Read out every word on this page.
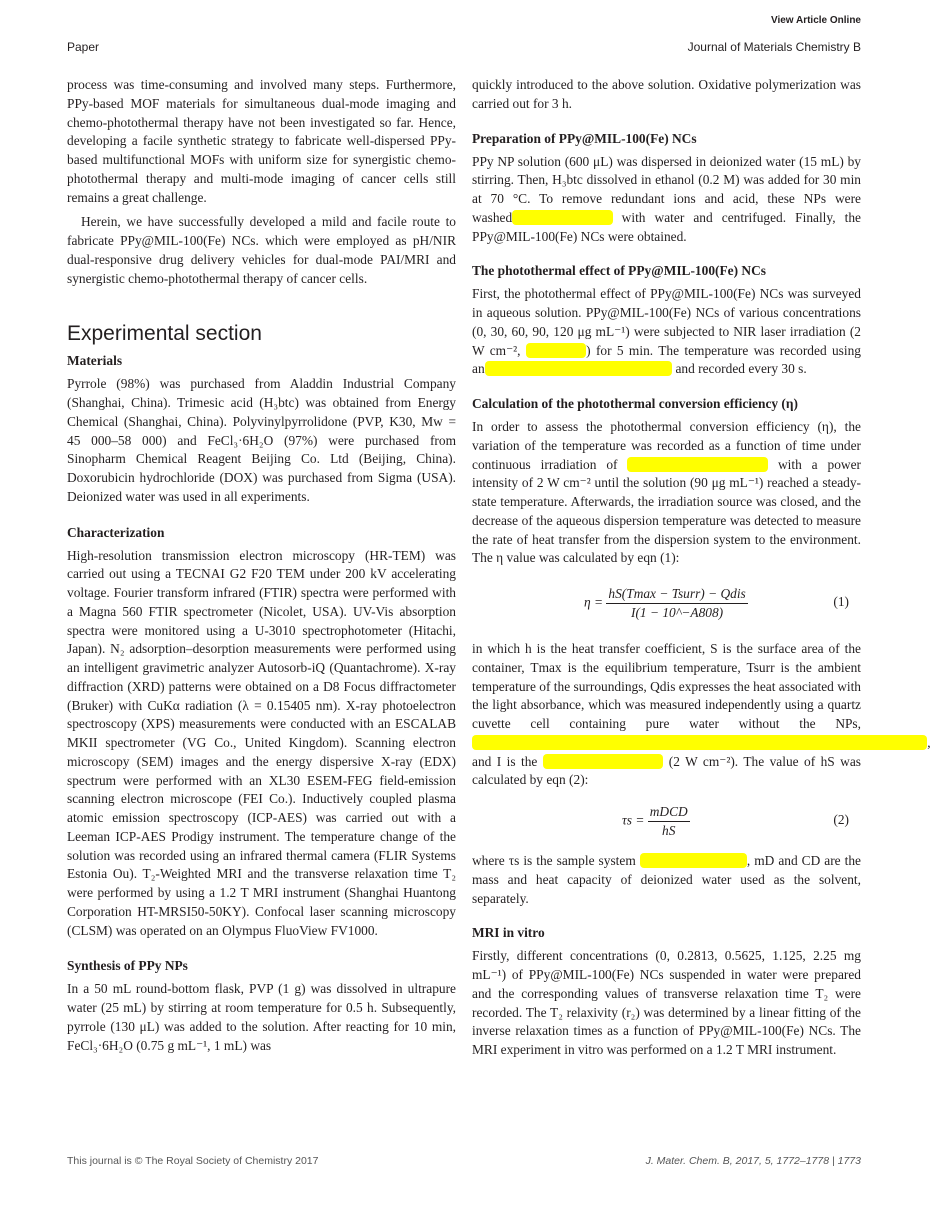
View Article Online
Paper	Journal of Materials Chemistry B

process was time-consuming and involved many steps. Furthermore, PPy-based MOF materials for simultaneous dual-mode imaging and chemo-photothermal therapy have not been investigated so far. Hence, developing a facile synthetic strategy to fabricate well-dispersed PPy-based multifunctional MOFs with uniform size for synergistic chemo-photothermal therapy and multi-mode imaging of cancer cells still remains a great challenge.

Herein, we have successfully developed a mild and facile route to fabricate PPy@MIL-100(Fe) NCs. which were employed as pH/NIR dual-responsive drug delivery vehicles for dual-mode PAI/MRI and synergistic chemo-photothermal therapy of cancer cells.

Experimental section
Materials

Pyrrole (98%) was purchased from Aladdin Industrial Company (Shanghai, China). Trimesic acid (H₃btc) was obtained from Energy Chemical (Shanghai, China). Polyvinylpyrrolidone (PVP, K30, Mw = 45 000–58 000) and FeCl₃·6H₂O (97%) were purchased from Sinopharm Chemical Reagent Beijing Co. Ltd (Beijing, China). Doxorubicin hydrochloride (DOX) was purchased from Sigma (USA). Deionized water was used in all experiments.

Characterization

High-resolution transmission electron microscopy (HR-TEM) was carried out using a TECNAI G2 F20 TEM under 200 kV accelerating voltage. Fourier transform infrared (FTIR) spectra were performed with a Magna 560 FTIR spectrometer (Nicolet, USA). UV-Vis absorption spectra were monitored using a U-3010 spectrophotometer (Hitachi, Japan). N₂ adsorption–desorption measurements were performed using an intelligent gravimetric analyzer Autosorb-iQ (Quantachrome). X-ray diffraction (XRD) patterns were obtained on a D8 Focus diffractometer (Bruker) with CuKα radiation (λ = 0.15405 nm). X-ray photoelectron spectroscopy (XPS) measurements were conducted with an ESCALAB MKII spectrometer (VG Co., United Kingdom). Scanning electron microscopy (SEM) images and the energy dispersive X-ray (EDX) spectrum were performed with an XL30 ESEM-FEG field-emission scanning electron microscope (FEI Co.). Inductively coupled plasma atomic emission spectroscopy (ICP-AES) was carried out with a Leeman ICP-AES Prodigy instrument. The temperature change of the solution was recorded using an infrared thermal camera (FLIR Systems Estonia Ou). T₂-Weighted MRI and the transverse relaxation time T₂ were performed by using a 1.2 T MRI instrument (Shanghai Huantong Corporation HT-MRSI50-50KY). Confocal laser scanning microscopy (CLSM) was operated on an Olympus FluoView FV1000.

Synthesis of PPy NPs

In a 50 mL round-bottom flask, PVP (1 g) was dissolved in ultrapure water (25 mL) by stirring at room temperature for 0.5 h. Subsequently, pyrrole (130 μL) was added to the solution. After reacting for 10 min, FeCl₃·6H₂O (0.75 g mL⁻¹, 1 mL) was

quickly introduced to the above solution. Oxidative polymerization was carried out for 3 h.

Preparation of PPy@MIL-100(Fe) NCs

PPy NP solution (600 μL) was dispersed in deionized water (15 mL) by stirring. Then, H₃btc dissolved in ethanol (0.2 M) was added for 30 min at 70 °C. To remove redundant ions and acid, these NPs were washed	with water and centrifuged. Finally, the PPy@MIL-100(Fe) NCs were obtained.

The photothermal effect of PPy@MIL-100(Fe) NCs

First, the photothermal effect of PPy@MIL-100(Fe) NCs was surveyed in aqueous solution. PPy@MIL-100(Fe) NCs of various concentrations (0, 30, 60, 90, 120 μg mL⁻¹) were subjected to NIR laser irradiation (2 W cm⁻²,	) for 5 min. The temperature was recorded using an	and recorded every 30 s.

Calculation of the photothermal conversion efficiency (η)

In order to assess the photothermal conversion efficiency (η), the variation of the temperature was recorded as a function of time under continuous irradiation of	with a power intensity of 2 W cm⁻² until the solution (90 μg mL⁻¹) reached a steady-state temperature. Afterwards, the irradiation source was closed, and the decrease of the aqueous dispersion temperature was detected to measure the rate of heat transfer from the dispersion system to the environment. The η value was calculated by eqn (1):

$\eta = \frac{\text{hS(Tmax − Tsurr) − Qdis}}{I(1 - 10\^{}-A808)}$	(1)

in which h is the heat transfer coefficient, S is the surface area of the container, Tmax is the equilibrium temperature, Tsurr is the ambient temperature of the surroundings, Qdis expresses the heat associated with the light absorbance, which was measured independently using a quartz cuvette cell containing pure water without the NPs, , and I is the	(2 W cm⁻²). The value of hS was calculated by eqn (2):

$\tau s = \frac{\text{mDCD}}{hS}$	(2)

where τs is the sample system	, mD and CD are the mass and heat capacity of deionized water used as the solvent, separately.

MRI in vitro

Firstly, different concentrations (0, 0.2813, 0.5625, 1.125, 2.25 mg mL⁻¹) of PPy@MIL-100(Fe) NCs suspended in water were prepared and the corresponding values of transverse relaxation time T₂ were recorded. The T₂ relaxivity (r₂) was determined by a linear fitting of the inverse relaxation times as a function of PPy@MIL-100(Fe) NCs. The MRI experiment in vitro was performed on a 1.2 T MRI instrument.

This journal is © The Royal Society of Chemistry 2017	J. Mater. Chem. B, 2017, 5, 1772–1778 | 1773
